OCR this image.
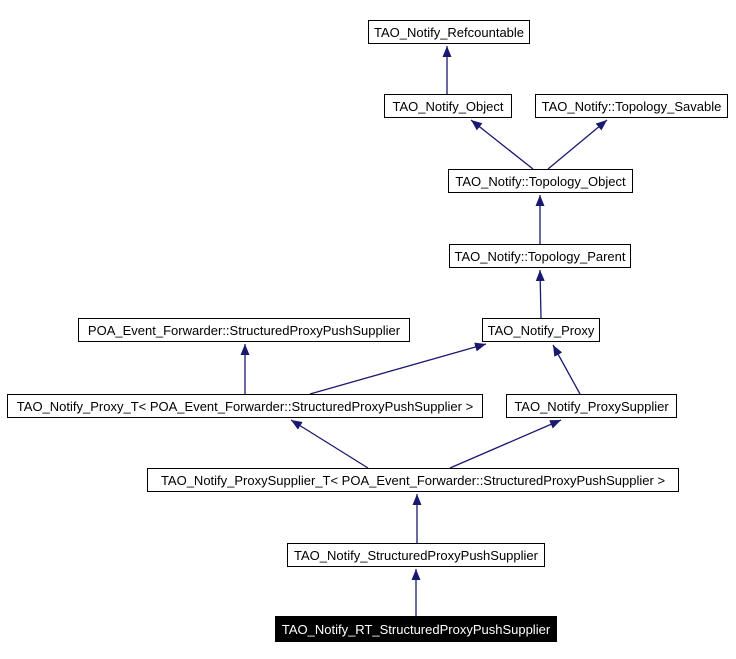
TAO_Notify_Refcountable
TAO_Notify_Object	TAO_Notify::Topology_Savable
TAO_Notify::Topology_Object
TAO_Notify::Topology_Parent
POA_Event_Forwarder::StructuredProxyPushSupplier	TAO_Notify_Proxy
TAO_Notify_Proxy_T< POA_Event_Forwarder::StructuredProxyPushSupplier >	TAO_Notify_ProxySupplier
TAO_Notify_ProxySupplier_T< POA_Event_Forwarder::StructuredProxyPushSupplier >
TAO_Notify_StructuredProxyPushSupplier
TAO_Notify_RT_StructuredProxyPushSupplier
